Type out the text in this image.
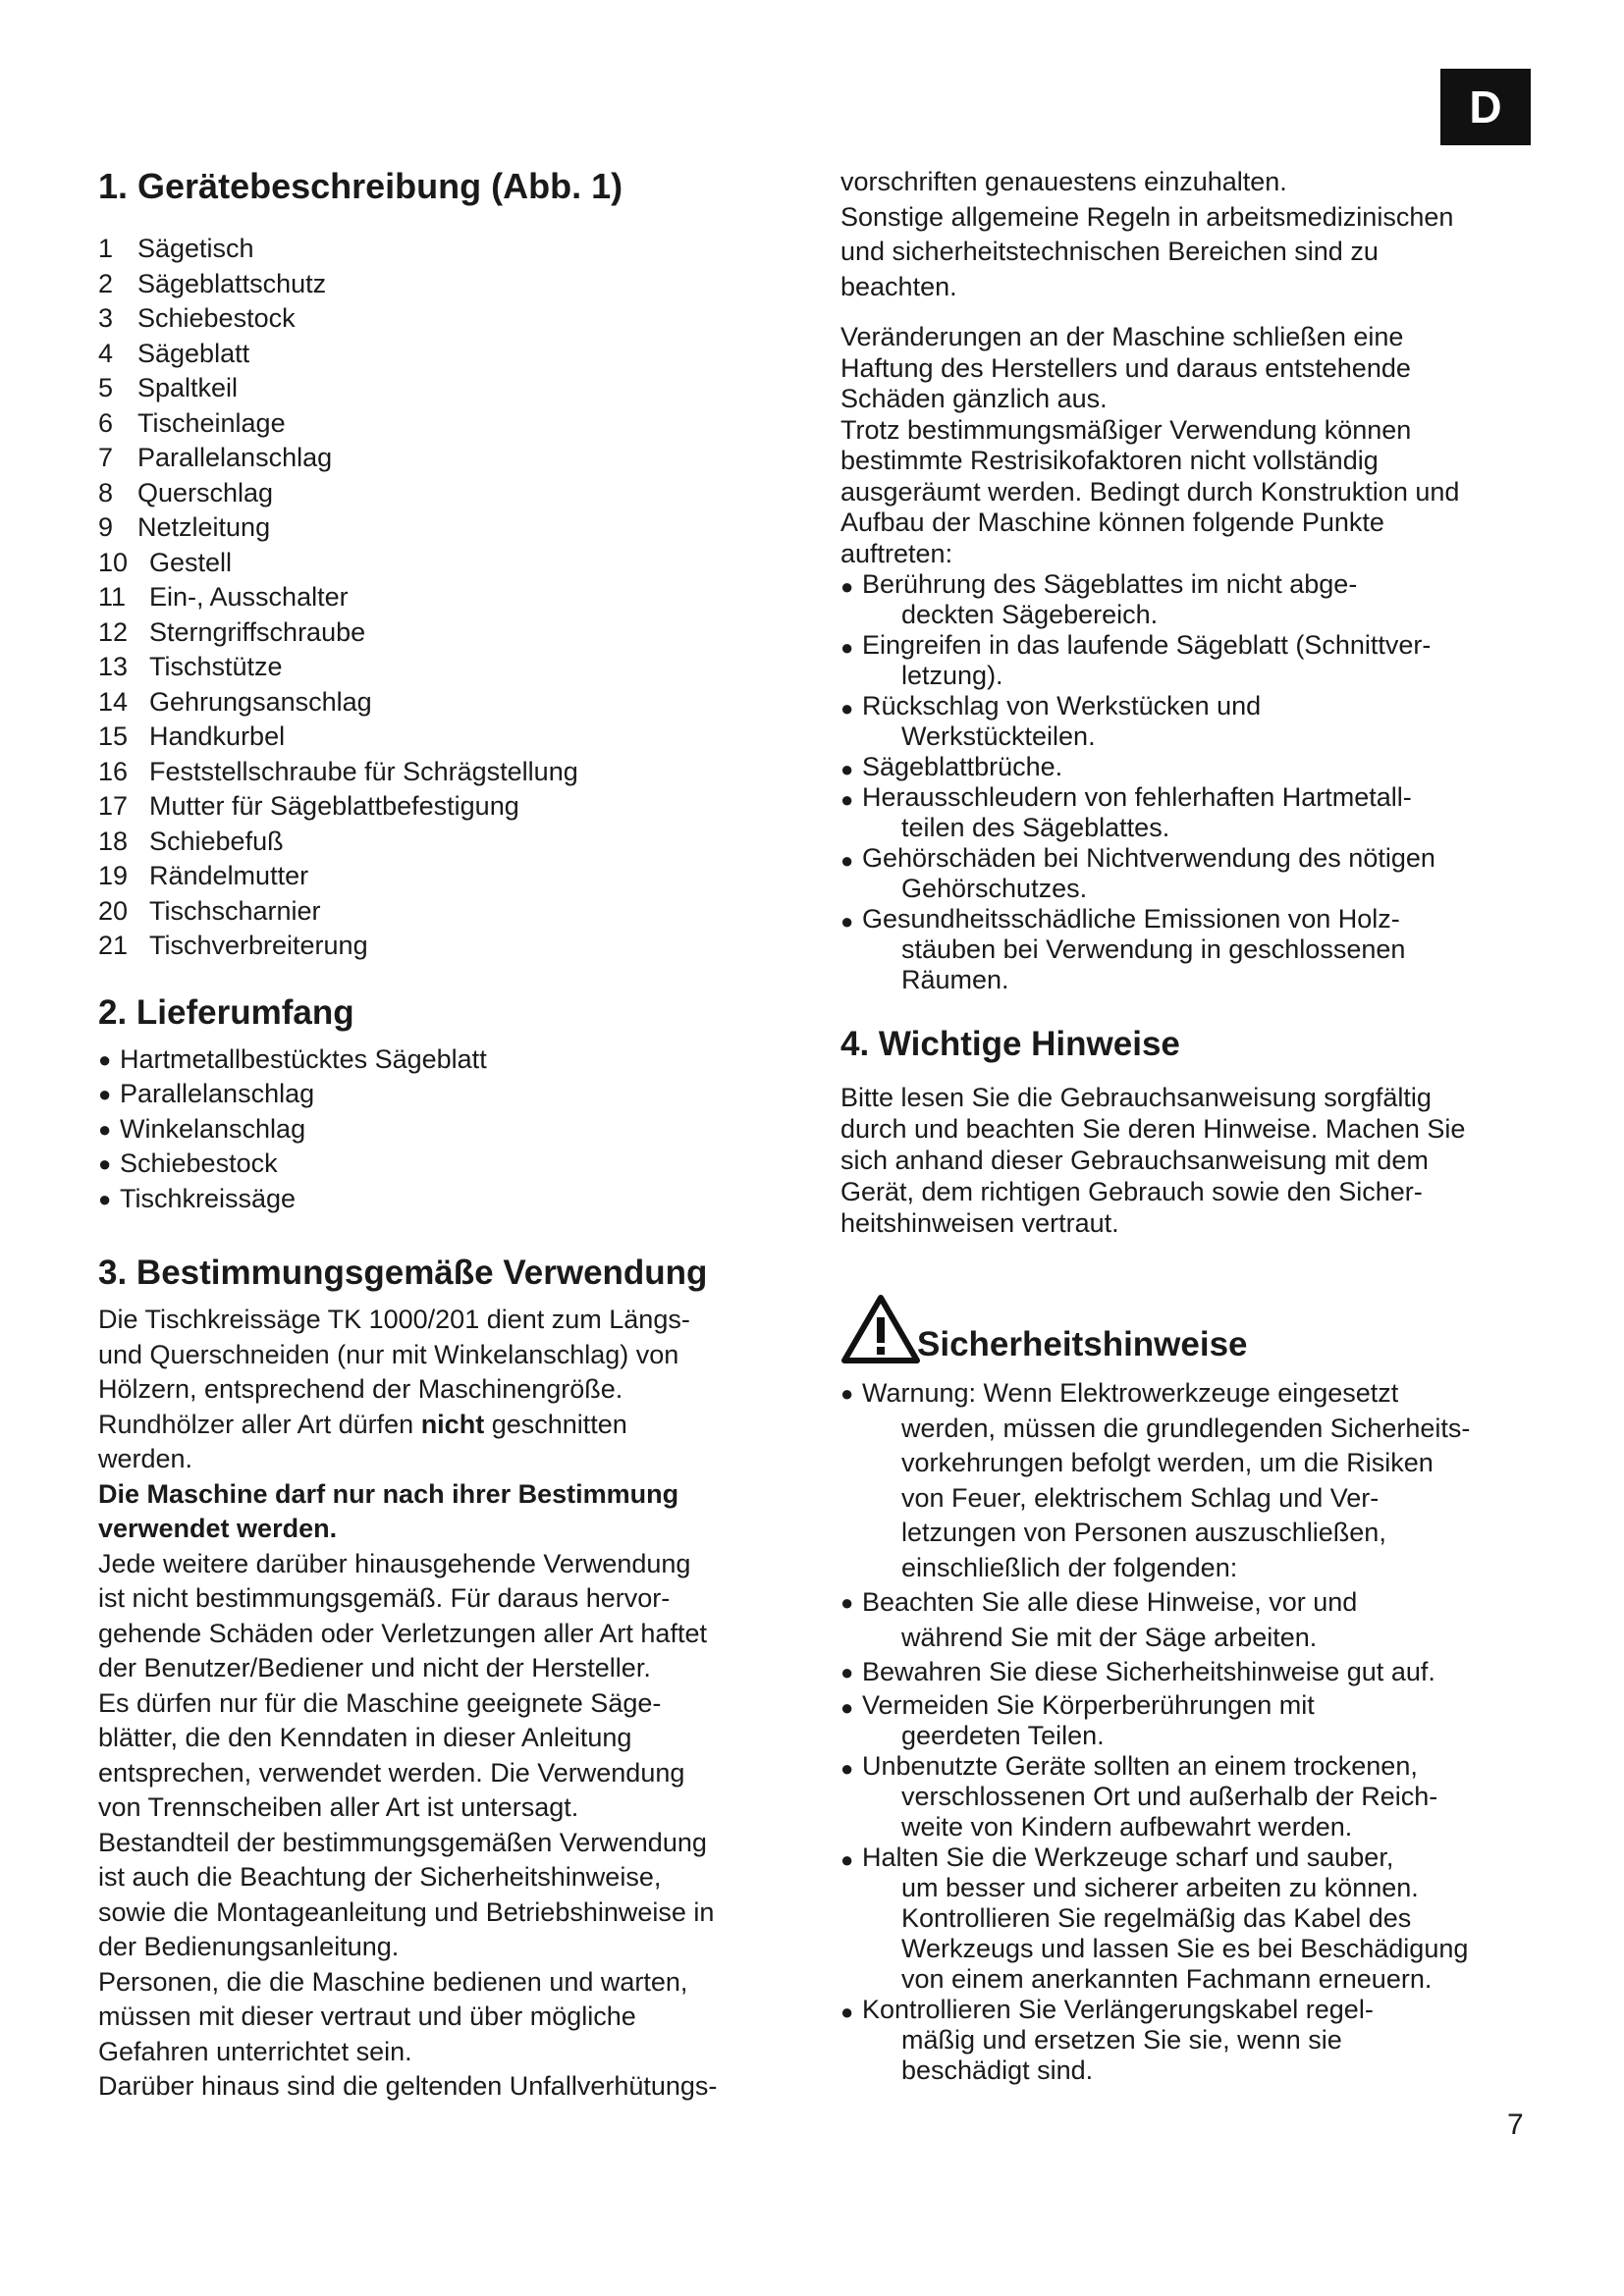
D
1. Gerätebeschreibung (Abb. 1)

1 Sägetisch

2 Sägeblattschutz

3 Schiebestock

4 Sägeblatt

5 Spaltkeil

6 Tischeinlage

7 Parallelanschlag

8 Querschlag

9 Netzleitung

10 Gestell

11 Ein-, Ausschalter

12 Sterngriffschraube

13 Tischstütze

14 Gehrungsanschlag

15 Handkurbel

16 Feststellschraube für Schrägstellung

17 Mutter für Sägeblattbefestigung

18 Schiebefuß

19 Rändelmutter

20 Tischscharnier

21 Tischverbreiterung

2. Lieferumfang

● Hartmetallbestücktes Sägeblatt

● Parallelanschlag

● Winkelanschlag

● Schiebestock

● Tischkreissäge

3. Bestimmungsgemäße Verwendung

Die Tischkreissäge TK 1000/201 dient zum Längs-

und Querschneiden (nur mit Winkelanschlag) von

Hölzern, entsprechend der Maschinengröße.

Rundhölzer aller Art dürfen nicht geschnitten

werden.

Die Maschine darf nur nach ihrer Bestimmung

verwendet werden.

Jede weitere darüber hinausgehende Verwendung

ist nicht bestimmungsgemäß. Für daraus hervor-

gehende Schäden oder Verletzungen aller Art haftet

der Benutzer/Bediener und nicht der Hersteller.

Es dürfen nur für die Maschine geeignete Säge-

blätter, die den Kenndaten in dieser Anleitung

entsprechen, verwendet werden. Die Verwendung

von Trennscheiben aller Art ist untersagt.

Bestandteil der bestimmungsgemäßen Verwendung

ist auch die Beachtung der Sicherheitshinweise,

sowie die Montageanleitung und Betriebshinweise in

der Bedienungsanleitung.

Personen, die die Maschine bedienen und warten,

müssen mit dieser vertraut und über mögliche

Gefahren unterrichtet sein.

Darüber hinaus sind die geltenden Unfallverhütungs-

vorschriften genauestens einzuhalten.

Sonstige allgemeine Regeln in arbeitsmedizinischen

und sicherheitstechnischen Bereichen sind zu

beachten.

Veränderungen an der Maschine schließen eine

Haftung des Herstellers und daraus entstehende

Schäden gänzlich aus.

Trotz bestimmungsmäßiger Verwendung können

bestimmte Restrisikofaktoren nicht vollständig

ausgeräumt werden. Bedingt durch Konstruktion und

Aufbau der Maschine können folgende Punkte

auftreten:

● Berührung des Sägeblattes im nicht abge-

deckten Sägebereich.

● Eingreifen in das laufende Sägeblatt (Schnittver-

letzung).

● Rückschlag von Werkstücken und

Werkstückteilen.

● Sägeblattbrüche.

● Herausschleudern von fehlerhaften Hartmetall-

teilen des Sägeblattes.

● Gehörschäden bei Nichtverwendung des nötigen

Gehörschutzes.

● Gesundheitsschädliche Emissionen von Holz-

stäuben bei Verwendung in geschlossenen

Räumen.

4. Wichtige Hinweise

Bitte lesen Sie die Gebrauchsanweisung sorgfältig

durch und beachten Sie deren Hinweise. Machen Sie

sich anhand dieser Gebrauchsanweisung mit dem

Gerät, dem richtigen Gebrauch sowie den Sicher-

heitshinweisen vertraut.

Sicherheitshinweise
● Warnung: Wenn Elektrowerkzeuge eingesetzt

werden, müssen die grundlegenden Sicherheits-

vorkehrungen befolgt werden, um die Risiken

von Feuer, elektrischem Schlag und Ver-

letzungen von Personen auszuschließen,

einschließlich der folgenden:

● Beachten Sie alle diese Hinweise, vor und

während Sie mit der Säge arbeiten.

● Bewahren Sie diese Sicherheitshinweise gut auf.

● Vermeiden Sie Körperberührungen mit

geerdeten Teilen.

● Unbenutzte Geräte sollten an einem trockenen,

verschlossenen Ort und außerhalb der Reich-

weite von Kindern aufbewahrt werden.

● Halten Sie die Werkzeuge scharf und sauber,

um besser und sicherer arbeiten zu können.

Kontrollieren Sie regelmäßig das Kabel des

Werkzeugs und lassen Sie es bei Beschädigung

von einem anerkannten Fachmann erneuern.

● Kontrollieren Sie Verlängerungskabel regel-

mäßig und ersetzen Sie sie, wenn sie

beschädigt sind.

7
